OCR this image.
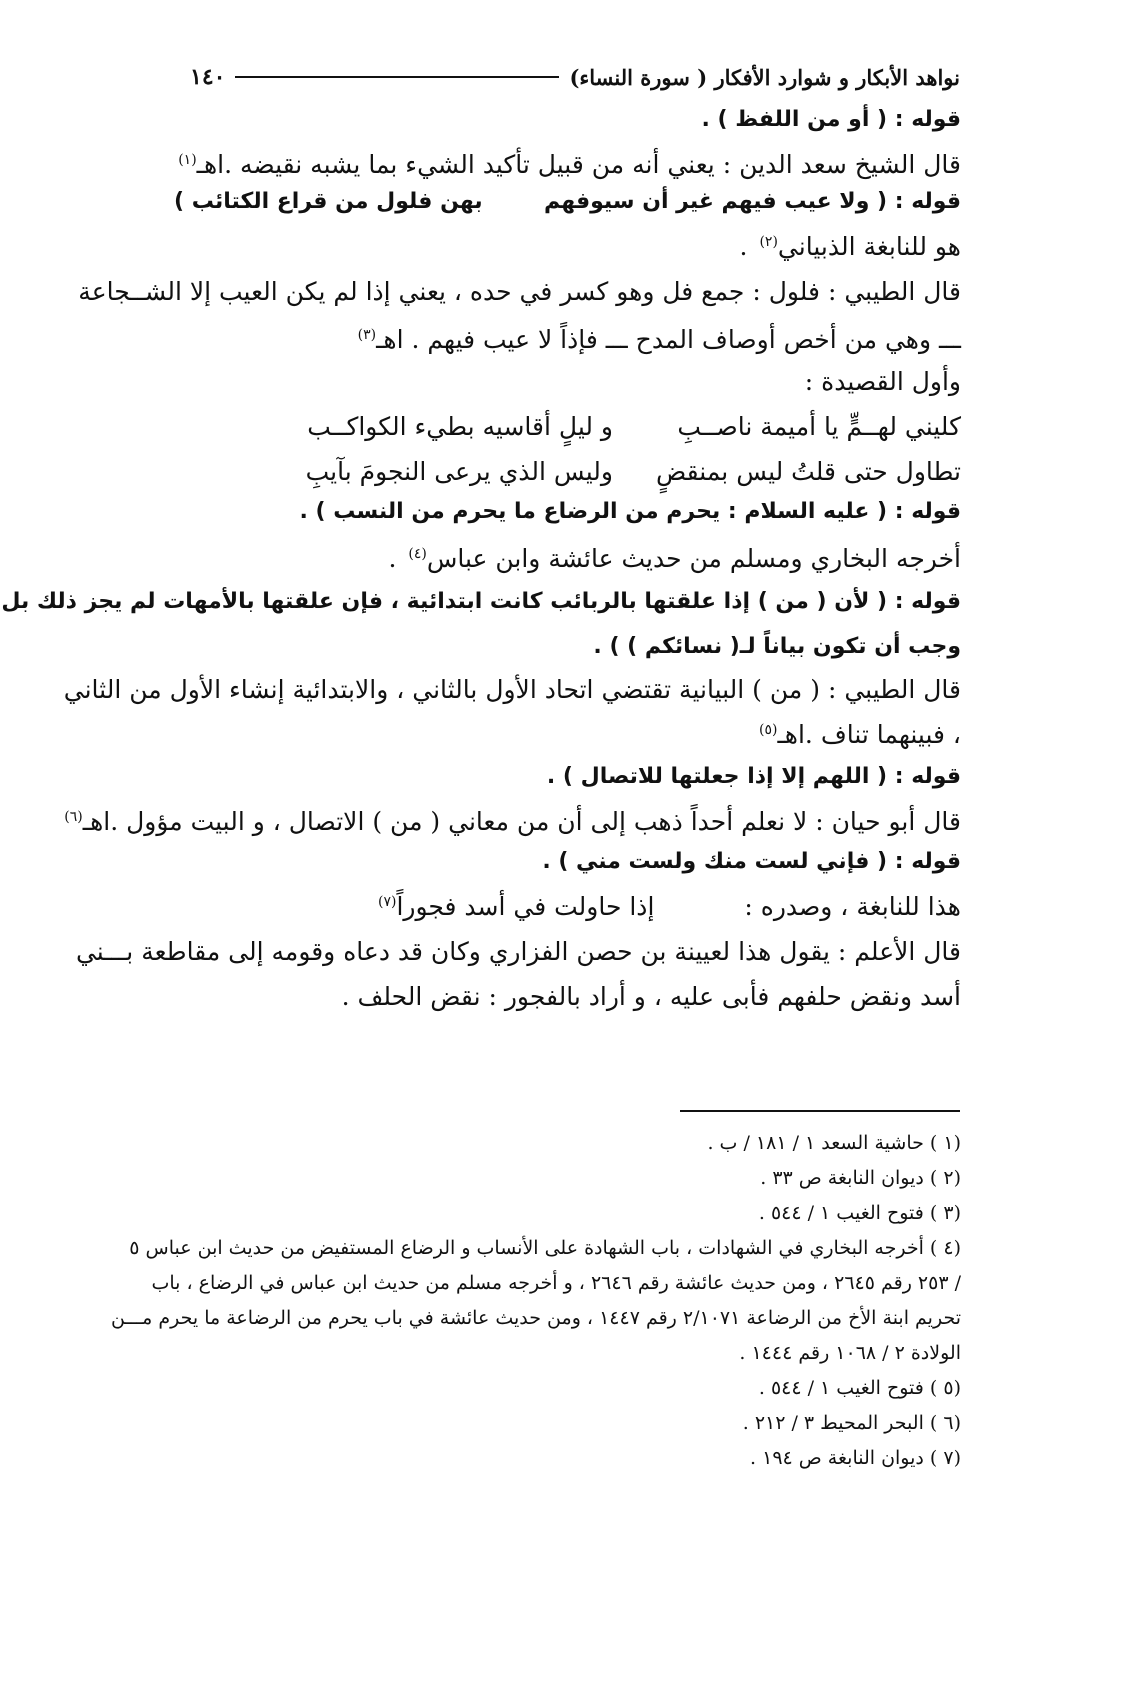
١٤٠	نواهد الأبكار و شوارد الأفكار ( سورة النساء)
قوله : ( أو من اللفظ ) .
قال الشيخ سعد الدين : يعني أنه من قبيل تأكيد الشيء بما يشبه نقيضه .اهـ$^{(١)}$
قوله : ( ولا عيب فيهم غير أن سيوفهم        بهن فلول من قراع الكتائب )
هو للنابغة الذبياني$^{(٢)}$ .
قال الطيبي : فلول : جمع فل وهو كسر في حده ، يعني إذا لم يكن العيب إلا الشــجاعة
ـــ وهي من أخص أوصاف المدح ـــ فإذاً لا عيب فيهم . اهـ$^{(٣)}$
وأول القصيدة :
كليني لهــمٍّ يا أميمة ناصــبِ
و ليلٍ أقاسيه بطيء الكواكــب
تطاول حتى قلتُ ليس بمنقضٍ
وليس الذي يرعى النجومَ بآيبِ
قوله : ( عليه السلام : يحرم من الرضاع ما يحرم من النسب ) .
أخرجه البخاري ومسلم من حديث عائشة وابن عباس$^{(٤)}$ .
قوله : ( لأن ( من ) إذا علقتها بالربائب كانت ابتدائية ، فإن علقتها بالأمهات لم يجز ذلك بل
وجب أن تكون بياناً لـ( نسائكم ) ) .
قال الطيبي : ( من ) البيانية تقتضي اتحاد الأول بالثاني ، والابتدائية إنشاء الأول من الثاني
، فبينهما تناف .اهـ$^{(٥)}$
قوله : ( اللهم إلا إذا جعلتها للاتصال ) .
قال أبو حيان : لا نعلم أحداً ذهب إلى أن من معاني ( من ) الاتصال ، و البيت مؤول .اهـ$^{(٦)}$
قوله : ( فإني لست منك ولست مني ) .
هذا للنابغة ، وصدره :إذا حاولت في أسد فجوراً$^{(٧)}$
قال الأعلم : يقول هذا لعيينة بن حصن الفزاري وكان قد دعاه وقومه إلى مقاطعة بـــني
أسد ونقض حلفهم فأبى عليه ، و أراد بالفجور : نقض الحلف .
(١ ) حاشية السعد ١ / ١٨١ / ب .
(٢ ) ديوان النابغة ص ٣٣ .
(٣ ) فتوح الغيب ١ / ٥٤٤ .
(٤ ) أخرجه البخاري في الشهادات ، باب الشهادة على الأنساب و الرضاع المستفيض من حديث ابن عباس ٥
/ ٢٥٣ رقم ٢٦٤٥ ، ومن حديث عائشة رقم ٢٦٤٦ ، و أخرجه مسلم من حديث ابن عباس في الرضاع ، باب
تحريم ابنة الأخ من الرضاعة ٢/١٠٧١ رقم ١٤٤٧ ، ومن حديث عائشة في باب يحرم من الرضاعة ما يحرم مـــن
الولادة ٢ / ١٠٦٨ رقم ١٤٤٤ .
(٥ ) فتوح الغيب ١ / ٥٤٤ .
(٦ ) البحر المحيط ٣ / ٢١٢ .
(٧ ) ديوان النابغة ص ١٩٤ .
